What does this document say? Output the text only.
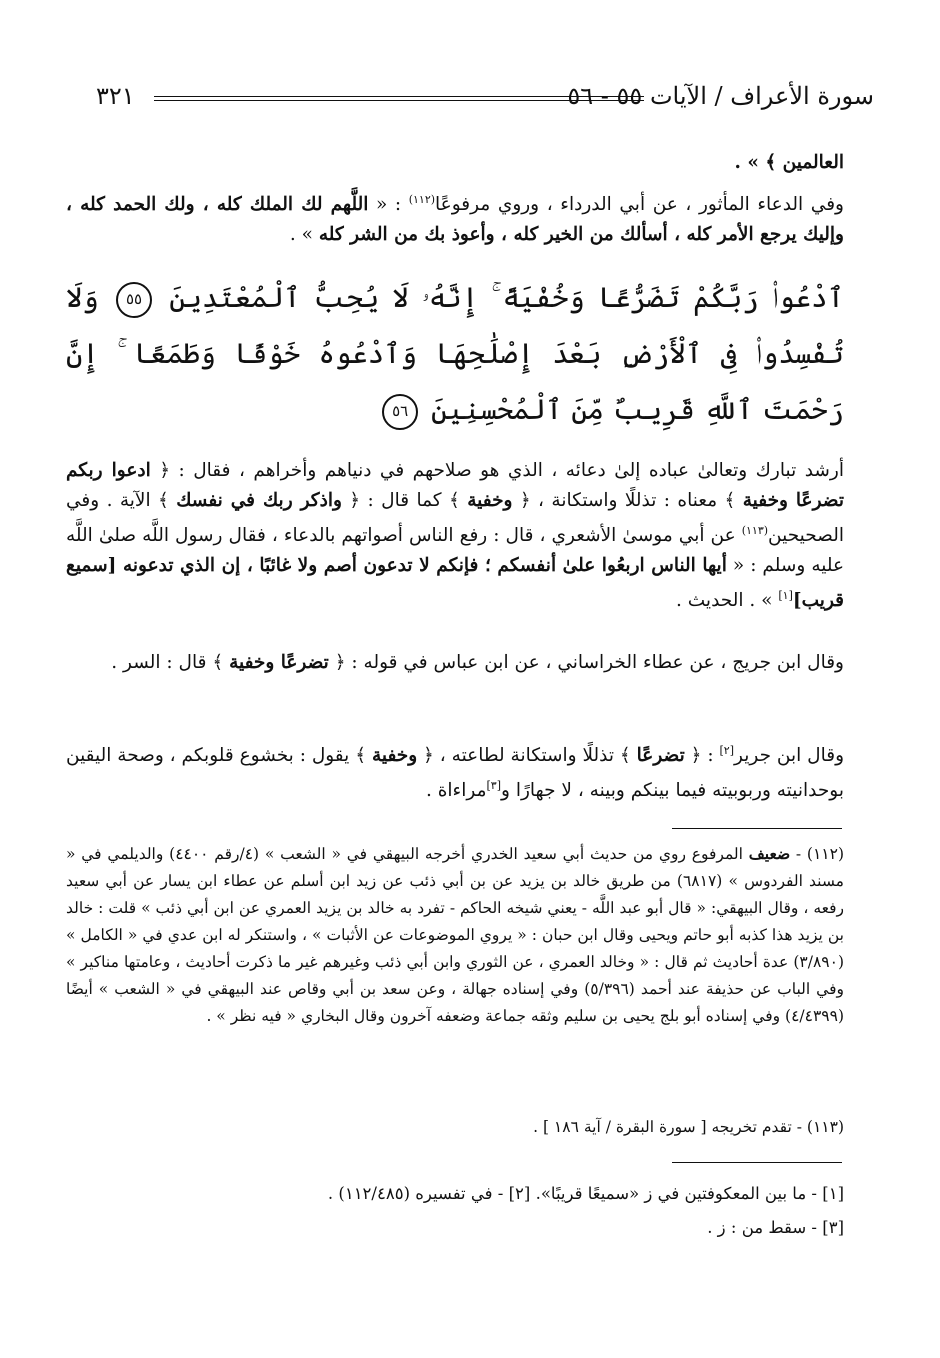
سورة الأعراف / الآيات ٥٥ - ٥٦
٣٢١
العالمين ﴾ » .
وفي الدعاء المأثور ، عن أبي الدرداء ، وروي مرفوعًا$^{(١١٢)}$ : « اللَّهم لك الملك كله ، ولك الحمد كله ، وإليك يرجع الأمر كله ، أسألك من الخير كله ، وأعوذ بك من الشر كله » .
ٱدْعُوا۟ رَبَّكُمْ تَضَرُّعًا وَخُفْيَةً ۚ إِنَّهُۥ لَا يُحِبُّ ٱلْمُعْتَدِينَ ٥٥ وَلَا تُفْسِدُوا۟ فِى ٱلْأَرْضِ بَعْدَ إِصْلَٰحِهَا وَٱدْعُوهُ خَوْفًا وَطَمَعًا ۚ إِنَّ رَحْمَتَ ٱللَّهِ قَرِيبٌ مِّنَ ٱلْمُحْسِنِينَ ٥٦
أرشد تبارك وتعالىٰ عباده إلىٰ دعائه ، الذي هو صلاحهم في دنياهم وأخراهم ، فقال : ﴿ ادعوا ربكم تضرعًا وخفية ﴾ معناه : تذللًا واستكانة ، ﴿ وخفية ﴾ كما قال : ﴿ واذكر ربك في نفسك ﴾ الآية . وفي الصحيحين$^{(١١٣)}$ عن أبي موسىٰ الأشعري ، قال : رفع الناس أصواتهم بالدعاء ، فقال رسول اللَّه صلىٰ اللَّه عليه وسلم : « أيها الناس اربعُوا علىٰ أنفسكم ؛ فإنكم لا تدعون أصم ولا غائبًا ، إن الذي تدعونه [سميع قريب][١] » . الحديث .
وقال ابن جريج ، عن عطاء الخراساني ، عن ابن عباس في قوله : ﴿ تضرعًا وخفية ﴾ قال : السر .
وقال ابن جرير[٢] : ﴿ تضرعًا ﴾ تذللًا واستكانة لطاعته ، ﴿ وخفية ﴾ يقول : بخشوع قلوبكم ، وصحة اليقين بوحدانيته وربوبيته فيما بينكم وبينه ، لا جهارًا و[٣]مراءاة .
(١١٢) - ضعيف المرفوع روي من حديث أبي سعيد الخدري أخرجه البيهقي في « الشعب » (٤/رقم ٤٤٠٠) والديلمي في « مسند الفردوس » (٦٨١٧) من طريق خالد بن يزيد عن بن أبي ذئب عن زيد ابن أسلم عن عطاء ابن يسار عن أبي سعيد رفعه ، وقال البيهقي: « قال أبو عبد اللَّه - يعني شيخه الحاكم - تفرد به خالد بن يزيد العمري عن ابن أبي ذئب » قلت : خالد بن يزيد هذا كذبه أبو حاتم ويحيى وقال ابن حبان : « يروي الموضوعات عن الأثبات » ، واستنكر له ابن عدي في « الكامل » (٣/٨٩٠) عدة أحاديث ثم قال : « وخالد العمري ، عن الثوري وابن أبي ذئب وغيرهم غير ما ذكرت أحاديث ، وعامتها مناكير » وفي الباب عن حذيفة عند أحمد (٥/٣٩٦) وفي إسناده جهالة ، وعن سعد بن أبي وقاص عند البيهقي في « الشعب » أيضًا (٤/٤٣٩٩) وفي إسناده أبو بلج يحيى بن سليم وثقه جماعة وضعفه آخرون وقال البخاري « فيه نظر » .
(١١٣) - تقدم تخريجه [ سورة البقرة / آية ١٨٦ ] .
[١] - ما بين المعكوفتين في ز «سميعًا قريبًا». [٢] - في تفسيره (١١٢/٤٨٥) .
[٣] - سقط من : ز .
